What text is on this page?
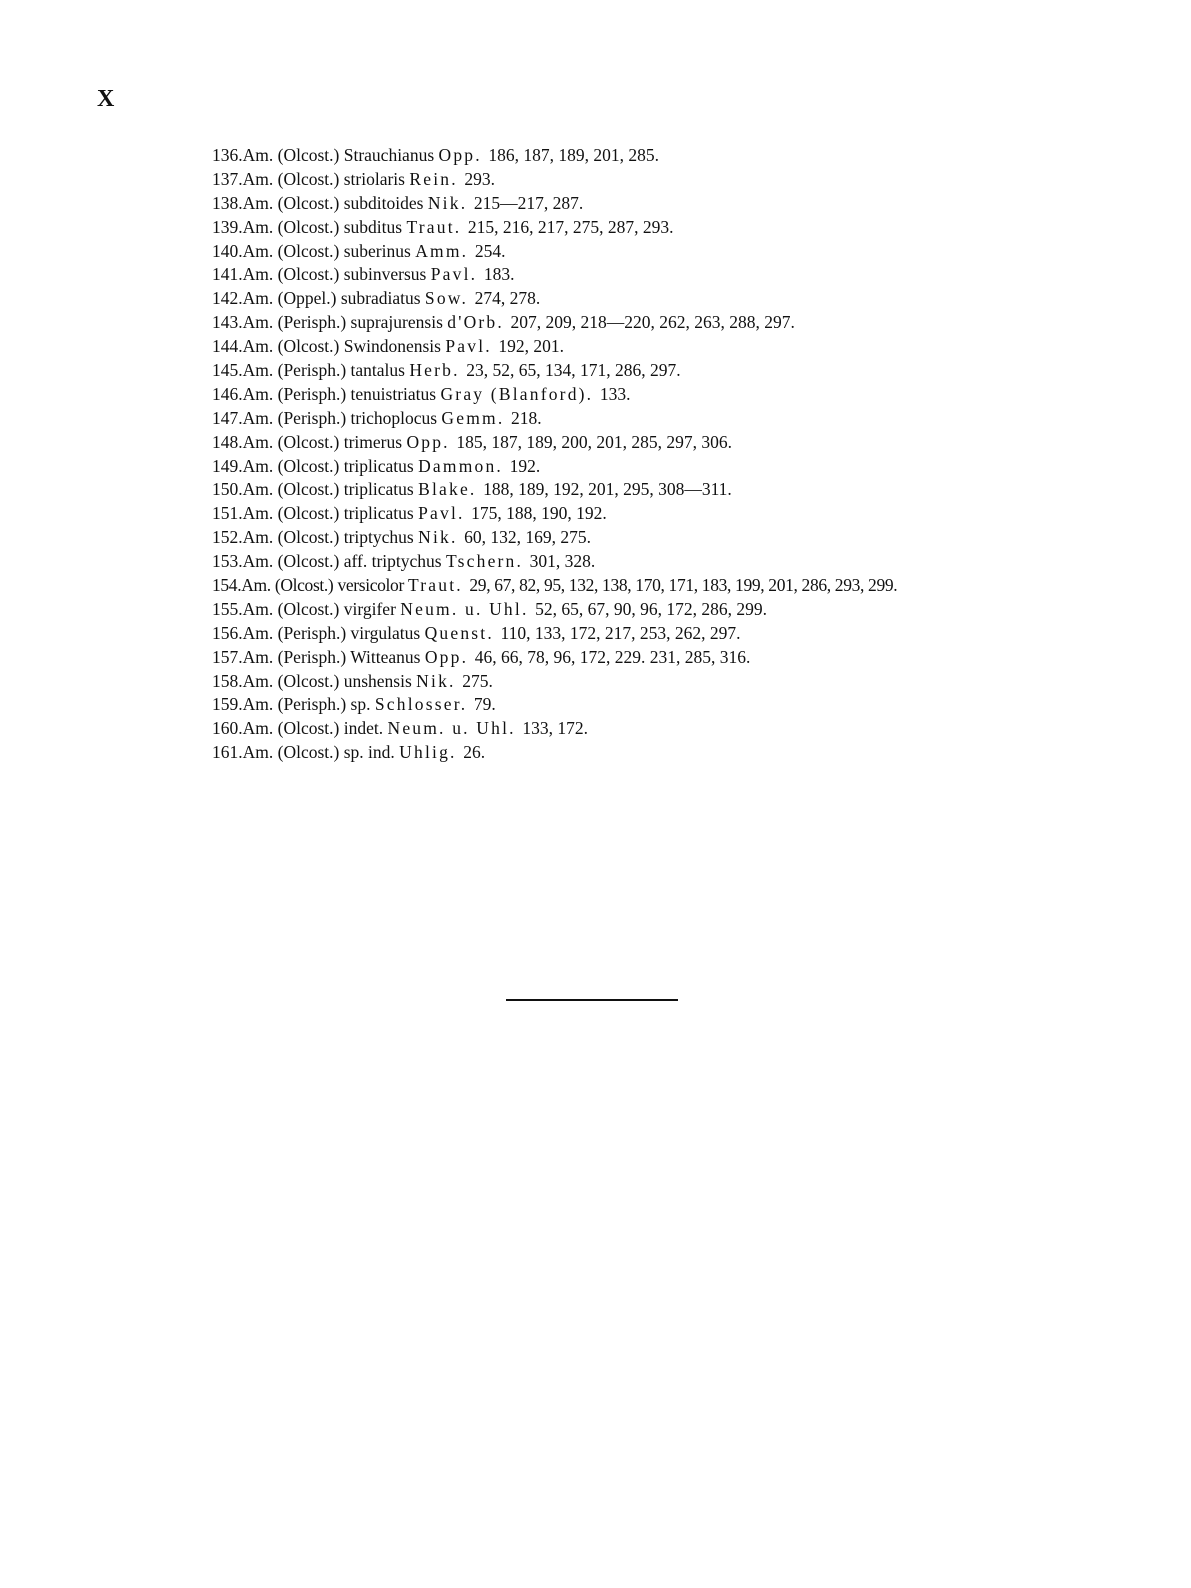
X
136.Am. (Olcost.) Strauchianus Opp. 186, 187, 189, 201, 285.
137.Am. (Olcost.) striolaris Rein. 293.
138.Am. (Olcost.) subditoides Nik. 215—217, 287.
139.Am. (Olcost.) subditus Traut. 215, 216, 217, 275, 287, 293.
140.Am. (Olcost.) suberinus Amm. 254.
141.Am. (Olcost.) subinversus Pavl. 183.
142.Am. (Oppel.) subradiatus Sow. 274, 278.
143.Am. (Perisph.) suprajurensis d'Orb. 207, 209, 218—220, 262, 263, 288, 297.
144.Am. (Olcost.) Swindonensis Pavl. 192, 201.
145.Am. (Perisph.) tantalus Herb. 23, 52, 65, 134, 171, 286, 297.
146.Am. (Perisph.) tenuistriatus Gray (Blanford). 133.
147.Am. (Perisph.) trichoplocus Gemm. 218.
148.Am. (Olcost.) trimerus Opp. 185, 187, 189, 200, 201, 285, 297, 306.
149.Am. (Olcost.) triplicatus Dammon. 192.
150.Am. (Olcost.) triplicatus Blake. 188, 189, 192, 201, 295, 308—311.
151.Am. (Olcost.) triplicatus Pavl. 175, 188, 190, 192.
152.Am. (Olcost.) triptychus Nik. 60, 132, 169, 275.
153.Am. (Olcost.) aff. triptychus Tschern. 301, 328.
154.Am. (Olcost.) versicolor Traut. 29, 67, 82, 95, 132, 138, 170, 171, 183, 199, 201, 286, 293, 299.
155.Am. (Olcost.) virgifer Neum. u. Uhl. 52, 65, 67, 90, 96, 172, 286, 299.
156.Am. (Perisph.) virgulatus Quenst. 110, 133, 172, 217, 253, 262, 297.
157.Am. (Perisph.) Witteanus Opp. 46, 66, 78, 96, 172, 229. 231, 285, 316.
158.Am. (Olcost.) unshensis Nik. 275.
159.Am. (Perisph.) sp. Schlosser. 79.
160.Am. (Olcost.) indet. Neum. u. Uhl. 133, 172.
161.Am. (Olcost.) sp. ind. Uhlig. 26.
